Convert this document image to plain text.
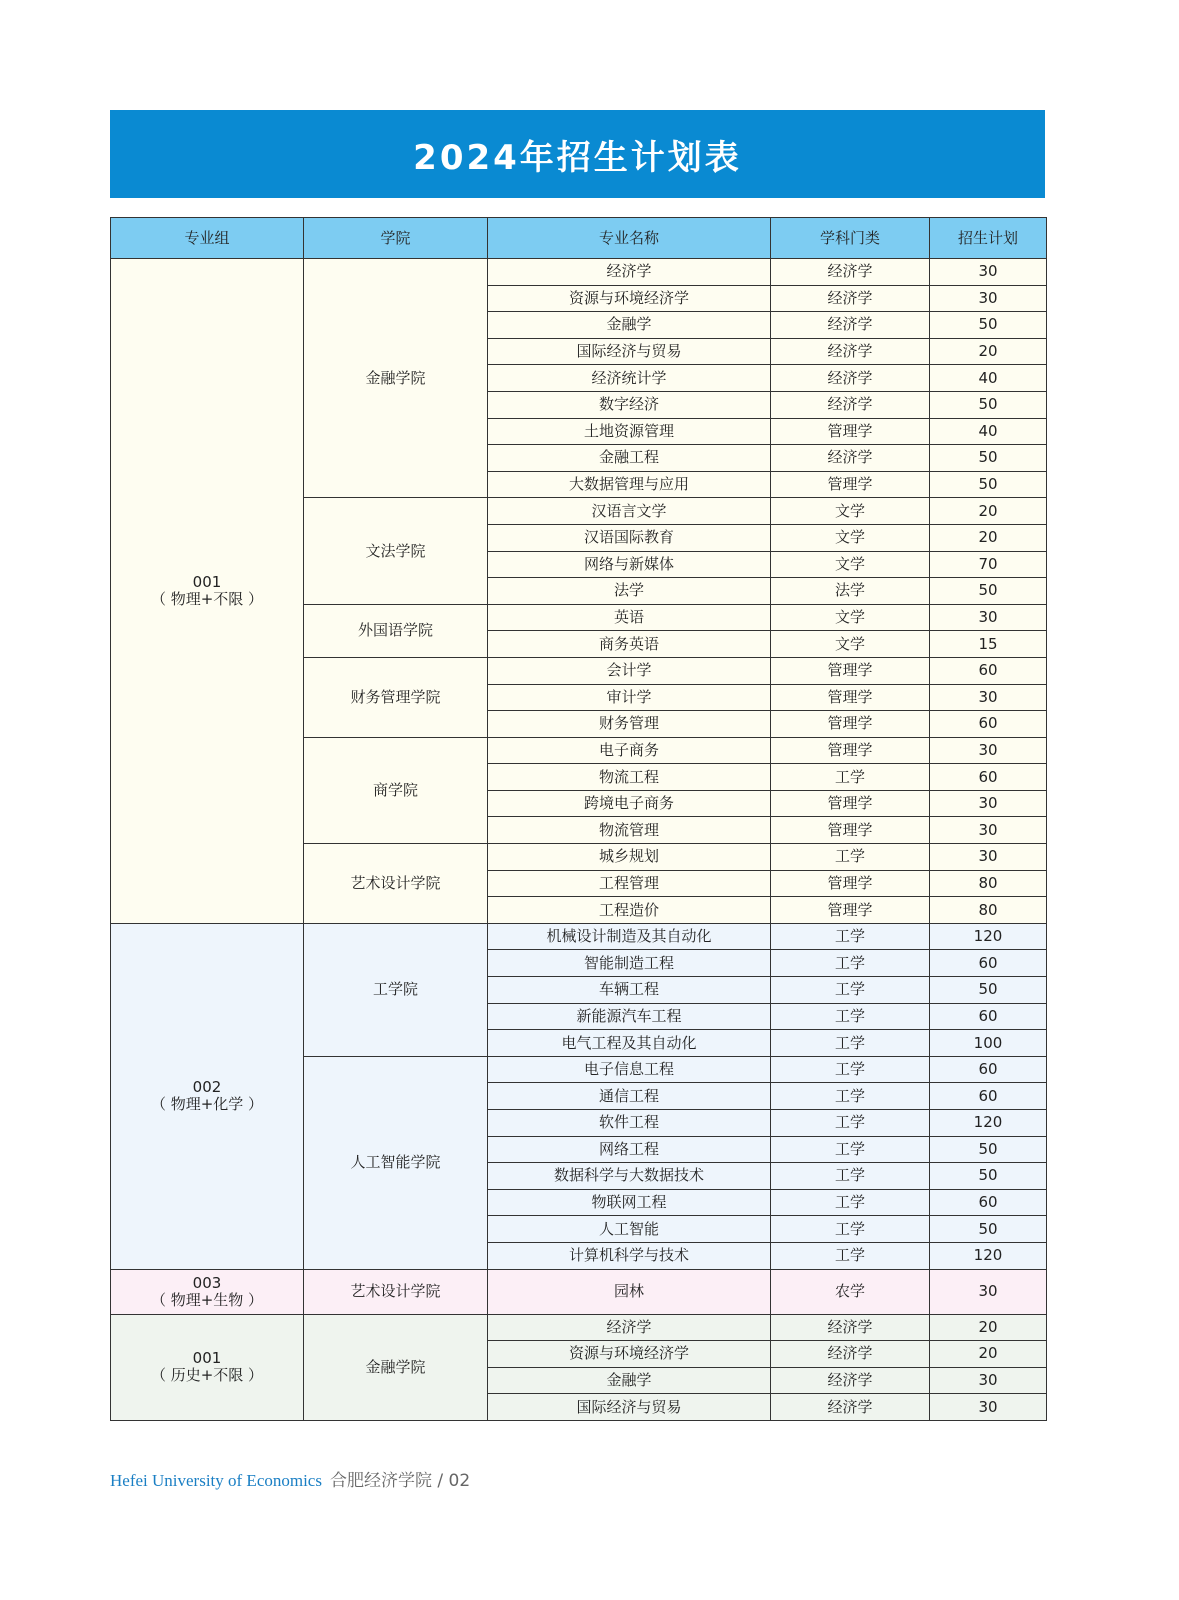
2024年招生计划表
专业组	学院	专业名称	学科门类	招生计划

001
（ 物理+不限 ）	金融学院	经济学	经济学	30
		资源与环境经济学	经济学	30
		金融学	经济学	50
		国际经济与贸易	经济学	20
		经济统计学	经济学	40
		数字经济	经济学	50
		土地资源管理	管理学	40
		金融工程	经济学	50
		大数据管理与应用	管理学	50
	文法学院	汉语言文学	文学	20
		汉语国际教育	文学	20
		网络与新媒体	文学	70
		法学	法学	50
	外国语学院	英语	文学	30
		商务英语	文学	15
	财务管理学院	会计学	管理学	60
		审计学	管理学	30
		财务管理	管理学	60
	商学院	电子商务	管理学	30
		物流工程	工学	60
		跨境电子商务	管理学	30
		物流管理	管理学	30
	艺术设计学院	城乡规划	工学	30
		工程管理	管理学	80
		工程造价	管理学	80

002
（ 物理+化学 ）	工学院	机械设计制造及其自动化	工学	120
		智能制造工程	工学	60
		车辆工程	工学	50
		新能源汽车工程	工学	60
		电气工程及其自动化	工学	100
	人工智能学院	电子信息工程	工学	60
		通信工程	工学	60
		软件工程	工学	120
		网络工程	工学	50
		数据科学与大数据技术	工学	50
		物联网工程	工学	60
		人工智能	工学	50
		计算机科学与技术	工学	120

003
（ 物理+生物 ）	艺术设计学院	园林	农学	30

001
（ 历史+不限 ）	金融学院	经济学	经济学	20
		资源与环境经济学	经济学	20
		金融学	经济学	30
		国际经济与贸易	经济学	30
Hefei University of Economics 合肥经济学院 / 02
